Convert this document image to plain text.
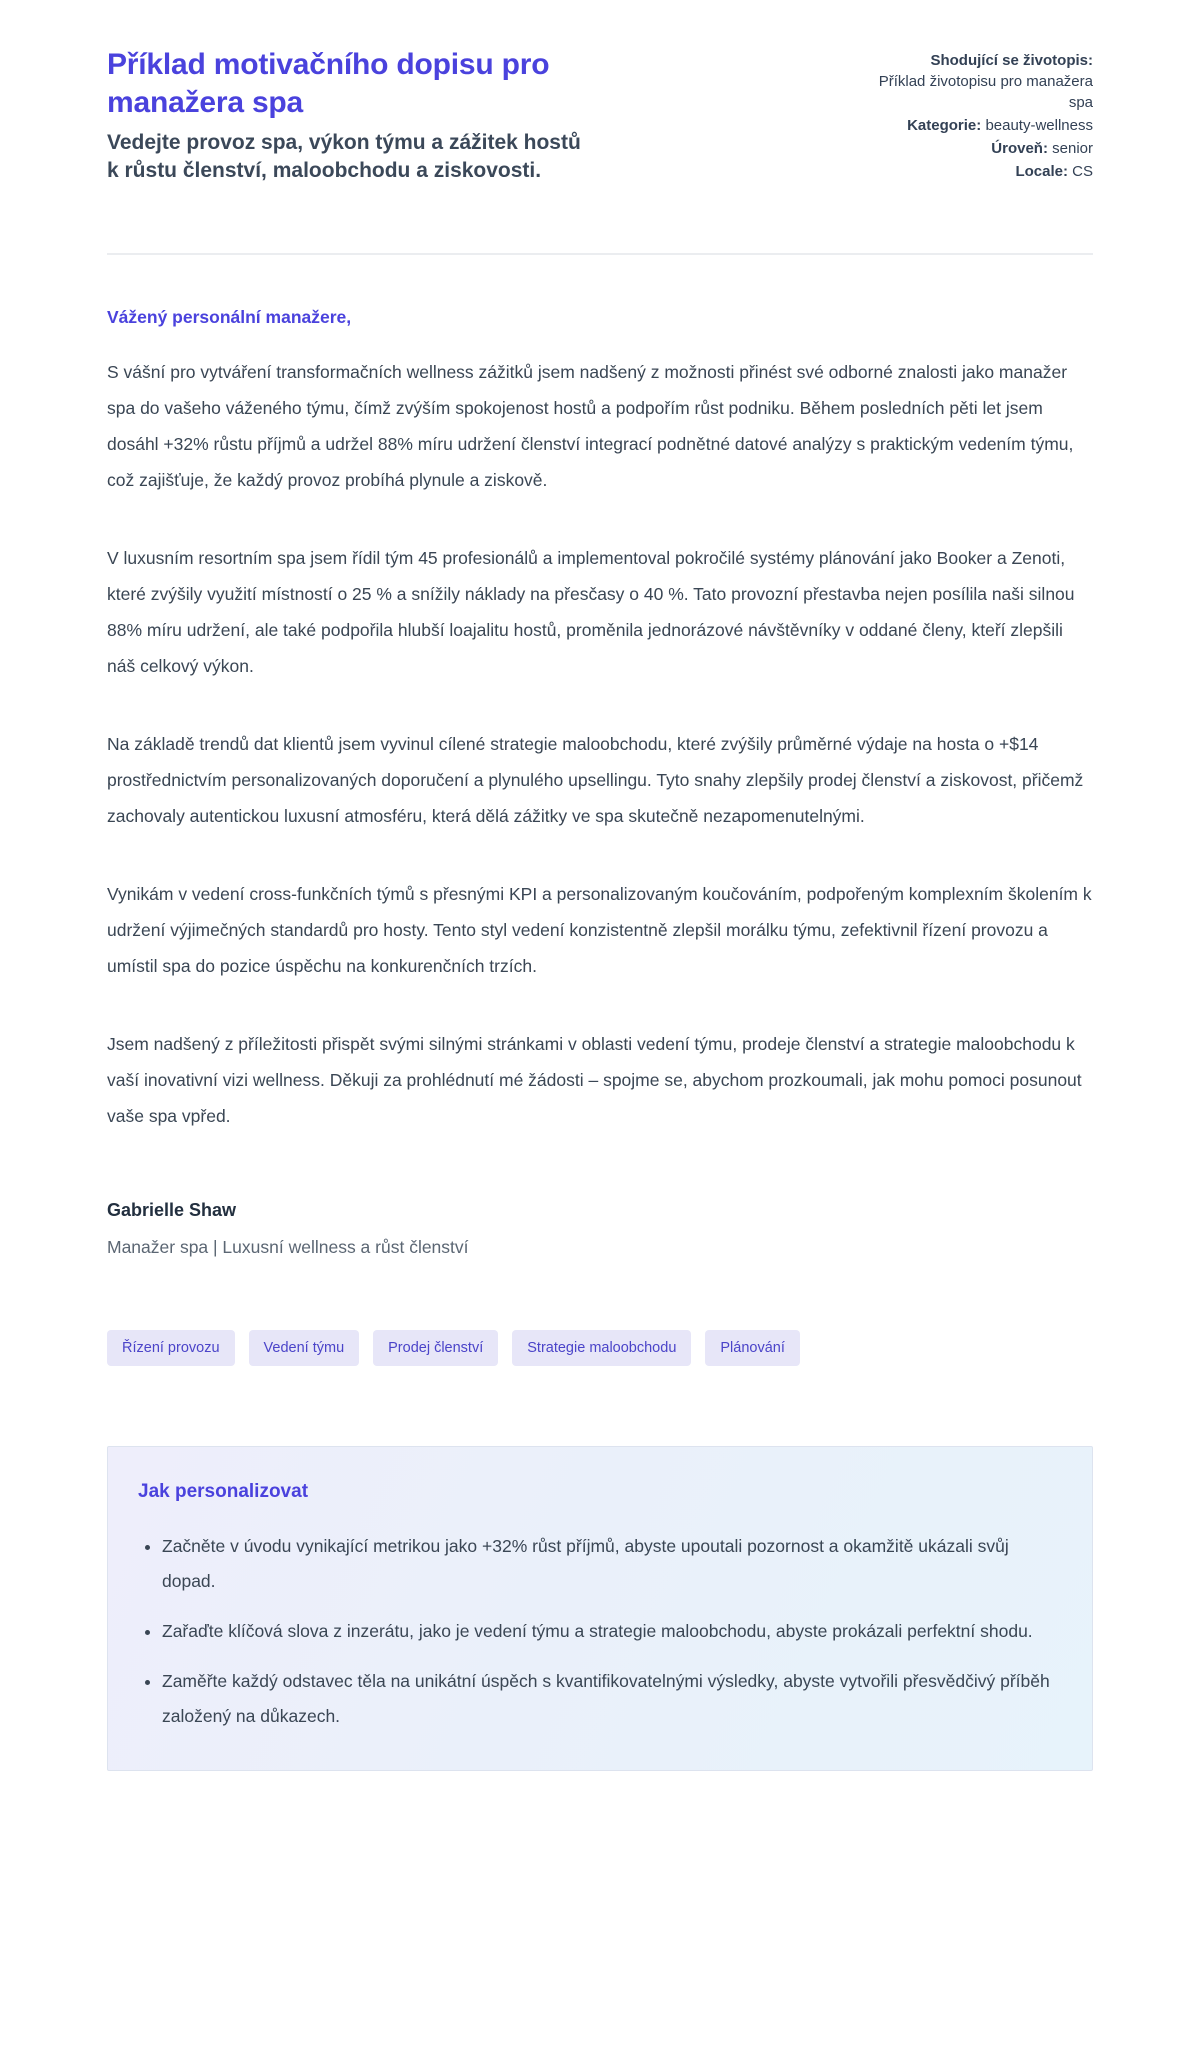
Příklad motivačního dopisu pro manažera spa
Vedejte provoz spa, výkon týmu a zážitek hostů k růstu členství, maloobchodu a ziskovosti.
Shodující se životopis:
Příklad životopisu pro manažera spa
Kategorie: beauty-wellness
Úroveň: senior
Locale: CS

Vážený personální manažere,

S vášní pro vytváření transformačních wellness zážitků jsem nadšený z možnosti přinést své odborné znalosti jako manažer spa do vašeho váženého týmu, čímž zvýším spokojenost hostů a podpořím růst podniku. Během posledních pěti let jsem dosáhl +32% růstu příjmů a udržel 88% míru udržení členství integrací podnětné datové analýzy s praktickým vedením týmu, což zajišťuje, že každý provoz probíhá plynule a ziskově.

V luxusním resortním spa jsem řídil tým 45 profesionálů a implementoval pokročilé systémy plánování jako Booker a Zenoti, které zvýšily využití místností o 25 % a snížily náklady na přesčasy o 40 %. Tato provozní přestavba nejen posílila naši silnou 88% míru udržení, ale také podpořila hlubší loajalitu hostů, proměnila jednorázové návštěvníky v oddané členy, kteří zlepšili náš celkový výkon.

Na základě trendů dat klientů jsem vyvinul cílené strategie maloobchodu, které zvýšily průměrné výdaje na hosta o +$14 prostřednictvím personalizovaných doporučení a plynulého upsellingu. Tyto snahy zlepšily prodej členství a ziskovost, přičemž zachovaly autentickou luxusní atmosféru, která dělá zážitky ve spa skutečně nezapomenutelnými.

Vynikám v vedení cross-funkčních týmů s přesnými KPI a personalizovaným koučováním, podpořeným komplexním školením k udržení výjimečných standardů pro hosty. Tento styl vedení konzistentně zlepšil morálku týmu, zefektivnil řízení provozu a umístil spa do pozice úspěchu na konkurenčních trzích.

Jsem nadšený z příležitosti přispět svými silnými stránkami v oblasti vedení týmu, prodeje členství a strategie maloobchodu k vaší inovativní vizi wellness. Děkuji za prohlédnutí mé žádosti – spojme se, abychom prozkoumali, jak mohu pomoci posunout vaše spa vpřed.

Gabrielle Shaw

Manažer spa | Luxusní wellness a růst členství

Řízení provozu	Vedení týmu	Prodej členství	Strategie maloobchodu	Plánování
Jak personalizovat
• Začněte v úvodu vynikající metrikou jako +32% růst příjmů, abyste upoutali pozornost a okamžitě ukázali svůj dopad.
• Zařaďte klíčová slova z inzerátu, jako je vedení týmu a strategie maloobchodu, abyste prokázali perfektní shodu.
• Zaměřte každý odstavec těla na unikátní úspěch s kvantifikovatelnými výsledky, abyste vytvořili přesvědčivý příběh založený na důkazech.
